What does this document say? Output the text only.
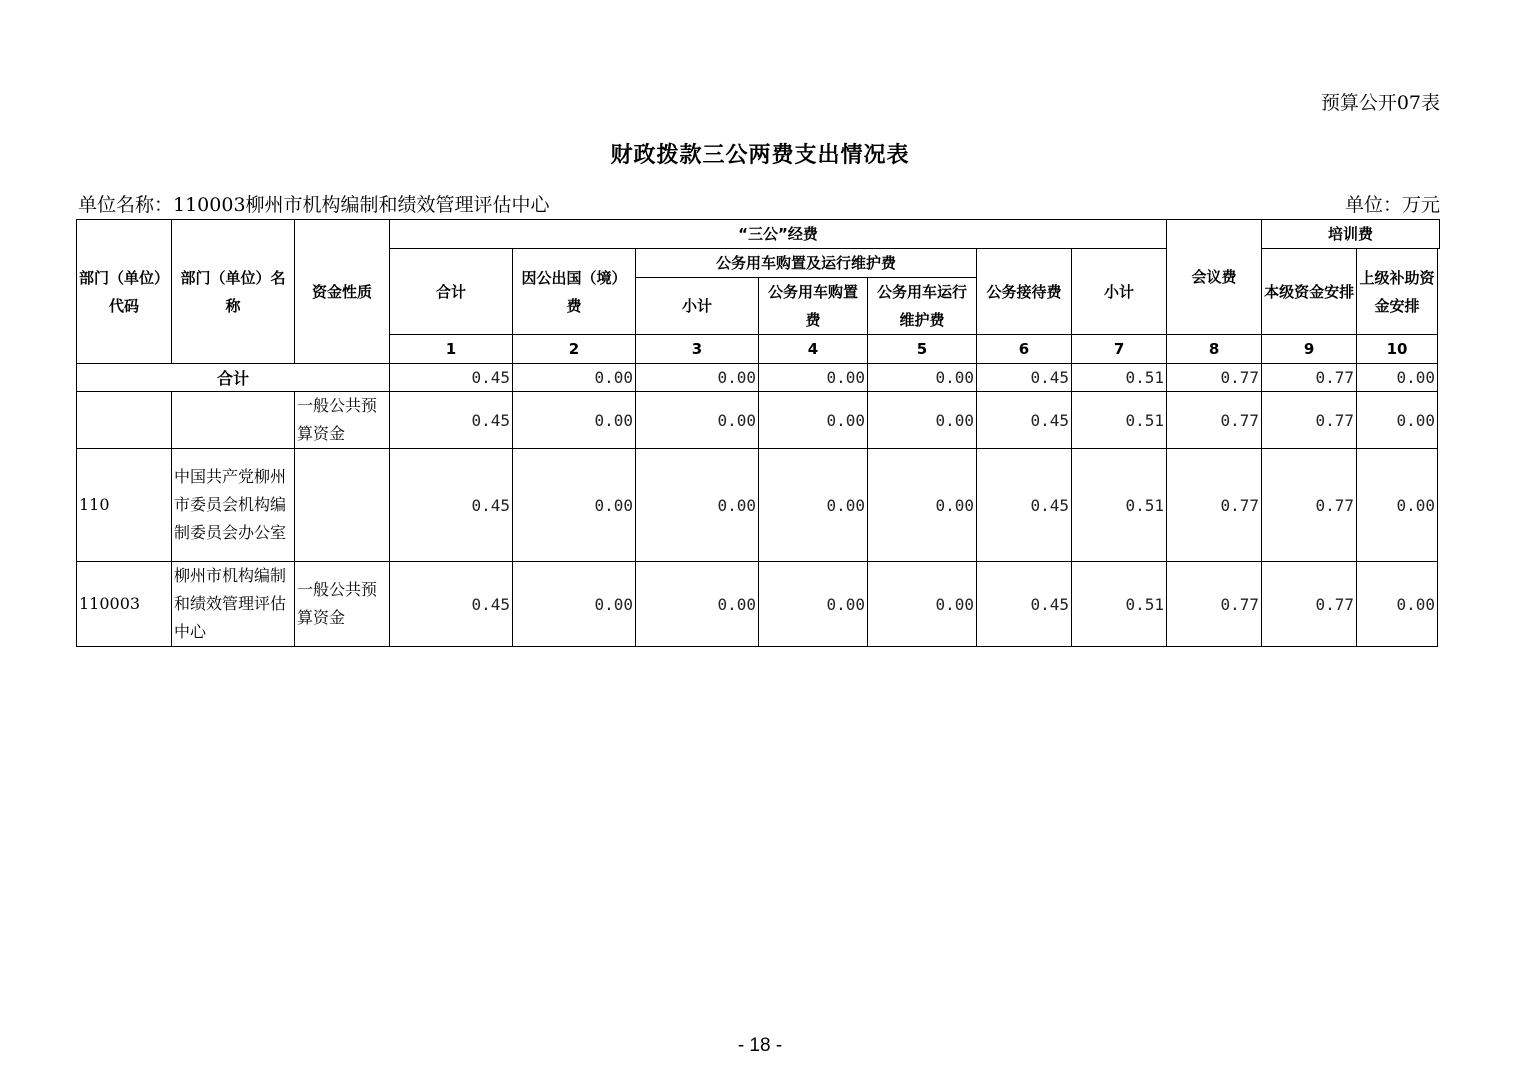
预算公开07表
财政拨款三公两费支出情况表
单位名称：110003柳州市机构编制和绩效管理评估中心	单位：万元
部门（单位）代码	部门（单位）名称	资金性质	“三公”经费							会议费	培训费	
			合计	因公出国（境）费	公务用车购置及运行维护费			公务接待费	小计		本级资金安排	上级补助资金安排
					小计	公务用车购置费	公务用车运行维护费					
			1	2	3	4	5	6	7	8	9	10
合计			0.45	0.00	0.00	0.00	0.00	0.45	0.51	0.77	0.77	0.00
		一般公共预算资金	0.45	0.00	0.00	0.00	0.00	0.45	0.51	0.77	0.77	0.00
110	中国共产党柳州市委员会机构编制委员会办公室		0.45	0.00	0.00	0.00	0.00	0.45	0.51	0.77	0.77	0.00
110003	柳州市机构编制和绩效管理评估中心	一般公共预算资金	0.45	0.00	0.00	0.00	0.00	0.45	0.51	0.77	0.77	0.00
- 18 -
